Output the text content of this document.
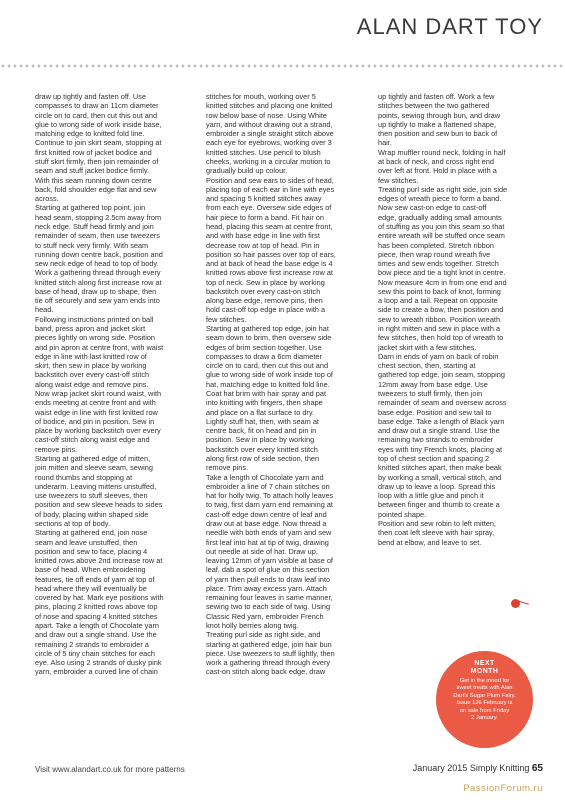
ALAN DART TOY
draw up tightly and fasten off. Use
compasses to draw an 11cm diameter
circle on to card, then cut this out and
glue to wrong side of work inside base,
matching edge to knitted fold line.
Continue to join skirt seam, stopping at
first knitted row of jacket bodice and
stuff skirt firmly, then join remainder of
seam and stuff jacket bodice firmly.
With this seam running down centre
back, fold shoulder edge flat and sew
across.
Starting at gathered top point, join
head seam, stopping 2.5cm away from
neck edge. Stuff head firmly and join
remainder of seam, then use tweezers
to stuff neck very firmly. With seam
running down centre back, position and
sew neck edge of head to top of body.
Work a gathering thread through every
knitted stitch along first increase row at
base of head, draw up to shape, then
tie off securely and sew yarn ends into
head.
Following instructions printed on ball
band, press apron and jacket skirt
pieces lightly on wrong side. Position
and pin apron at centre front, with waist
edge in line with last knitted row of
skirt, then sew in place by working
backstitch over every cast-off stitch
along waist edge and remove pins.
Now wrap jacket skirt round waist, with
ends meeting at centre front and with
waist edge in line with first knitted row
of bodice, and pin in position. Sew in
place by working backstitch over every
cast-off stitch along waist edge and
remove pins.
Starting at gathered edge of mitten,
join mitten and sleeve seam, sewing
round thumbs and stopping at
underarm. Leaving mittens unstuffed,
use tweezers to stuff sleeves, then
position and sew sleeve heads to sides
of body, placing within shaped side
sections at top of body.
Starting at gathered end, join nose
seam and leave unstuffed, then
position and sew to face, placing 4
knitted rows above 2nd increase row at
base of head. When embroidering
features, tie off ends of yarn at top of
head where they will eventually be
covered by hat. Mark eye positions with
pins, placing 2 knitted rows above top
of nose and spacing 4 knitted stitches
apart. Take a length of Chocolate yarn
and draw out a single strand. Use the
remaining 2 strands to embroider a
circle of 5 tiny chain stitches for each
eye. Also using 2 strands of dusky pink
yarn, embroider a curved line of chain
stitches for mouth, working over 5
knitted stitches and placing one knitted
row below base of nose. Using White
yarn, and without drawing out a strand,
embroider a single straight stitch above
each eye for eyebrows, working over 3
knitted stitches. Use pencil to blush
cheeks, working in a circular motion to
gradually build up colour.
Position and sew ears to sides of head,
placing top of each ear in line with eyes
and spacing 5 knitted stitches away
from each eye. Oversew side edges of
hair piece to form a band. Fit hair on
head, placing this seam at centre front,
and with base edge in line with first
decrease row at top of head. Pin in
position so hair passes over top of ears,
and at back of head the base edge is 4
knitted rows above first increase row at
top of neck. Sew in place by working
backstitch over every cast-on stitch
along base edge, remove pins, then
hold cast-off top edge in place with a
few stitches.
Starting at gathered top edge, join hat
seam down to brim, then oversew side
edges of brim section together. Use
compasses to draw a 6cm diameter
circle on to card, then cut this out and
glue to wrong side of work inside top of
hat, matching edge to knitted fold line.
Coat hat brim with hair spray and pat
into knitting with fingers, then shape
and place on a flat surface to dry.
Lightly stuff hat, then, with seam at
centre back, fit on head and pin in
position. Sew in place by working
backstitch over every knitted stitch
along first row of side section, then
remove pins.
Take a length of Chocolate yarn and
embroider a line of 7 chain stitches on
hat for holly twig. To attach holly leaves
to twig, first darn yarn end remaining at
cast-off edge down centre of leaf and
draw out at base edge. Now thread a
needle with both ends of yarn and sew
first leaf into hat at tip of twig, drawing
out needle at side of hat. Draw up,
leaving 12mm of yarn visible at base of
leaf, dab a spot of glue on this section
of yarn then pull ends to draw leaf into
place. Trim away excess yarn. Attach
remaining four leaves in same manner,
sewing two to each side of twig. Using
Classic Red yarn, embroider French
knot holly berries along twig.
Treating purl side as right side, and
starting at gathered edge, join hair bun
piece. Use tweezers to stuff lightly, then
work a gathering thread through every
cast-on stitch along back edge, draw
up tightly and fasten off. Work a few
stitches between the two gathered
points, sewing through bun, and draw
up tightly to make a flattened shape,
then position and sew bun to back of
hair.
Wrap muffler round neck, folding in half
at back of neck, and cross right end
over left at front. Hold in place with a
few stitches.
Treating purl side as right side, join side
edges of wreath piece to form a band.
Now sew cast-on edge to cast-off
edge, gradually adding small amounts
of stuffing as you join this seam so that
entire wreath will be stuffed once seam
has been completed. Stretch ribbon
piece, then wrap round wreath five
times and sew ends together. Stretch
bow piece and tie a tight knot in centre.
Now measure 4cm in from one end and
sew this point to back of knot, forming
a loop and a tail. Repeat on opposite
side to create a bow, then position and
sew to wreath ribbon. Position wreath
in right mitten and sew in place with a
few stitches, then hold top of wreath to
jacket skirt with a few stitches.
Darn in ends of yarn on back of robin
chest section, then, starting at
gathered top edge, join seam, stopping
12mm away from base edge. Use
tweezers to stuff firmly, then join
remainder of seam and oversew across
base edge. Position and sew tail to
base edge. Take a length of Black yarn
and draw out a single strand. Use the
remaining two strands to embroider
eyes with tiny French knots, placing at
top of chest section and spacing 2
knitted stitches apart, then make beak
by working a small, vertical stitch, and
draw up to leave a loop. Spread this
loop with a little glue and pinch it
between finger and thumb to create a
pointed shape.
Position and sew robin to left mitten,
then coat left sleeve with hair spray,
bend at elbow, and leave to set.
NEXT
MONTH
Get in the mood for
sweet treats with Alan
Dart's Sugar Plum Fairy.
Issue 126 February is
on sale from Friday
2 January.
Visit www.alandart.co.uk for more patterns	January 2015 Simply Knitting 65
PassionForum.ru
